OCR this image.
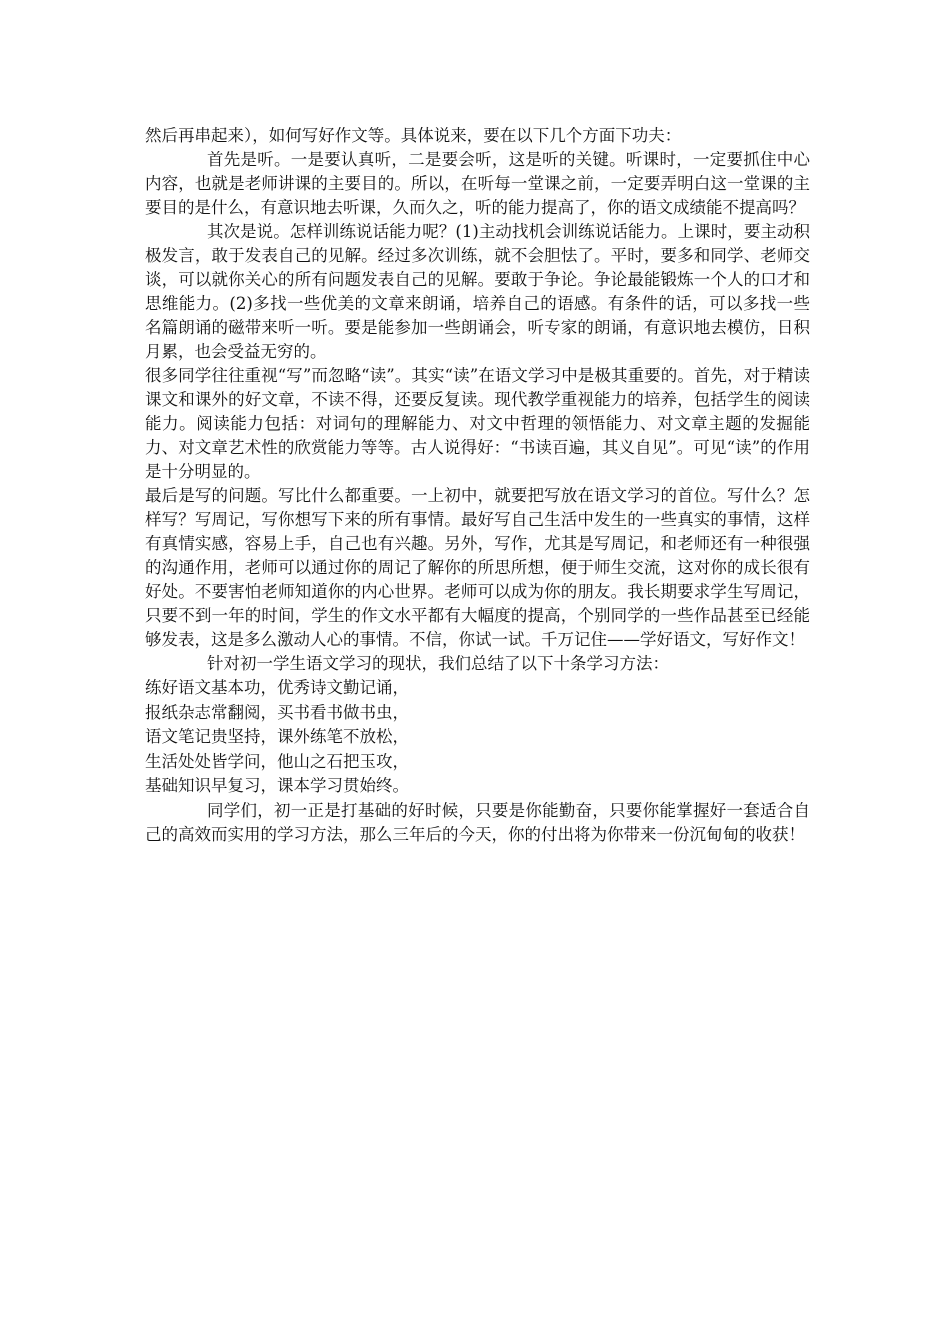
然后再串起来），如何写好作文等。具体说来，要在以下几个方面下功夫：

首先是听。一是要认真听，二是要会听，这是听的关键。听课时，一定要抓住中心内容，也就是老师讲课的主要目的。所以，在听每一堂课之前，一定要弄明白这一堂课的主要目的是什么，有意识地去听课，久而久之，听的能力提高了，你的语文成绩能不提高吗？

其次是说。怎样训练说话能力呢？(1)主动找机会训练说话能力。上课时，要主动积极发言，敢于发表自己的见解。经过多次训练，就不会胆怯了。平时，要多和同学、老师交谈，可以就你关心的所有问题发表自己的见解。要敢于争论。争论最能锻炼一个人的口才和思维能力。(2)多找一些优美的文章来朗诵，培养自己的语感。有条件的话，可以多找一些名篇朗诵的磁带来听一听。要是能参加一些朗诵会，听专家的朗诵，有意识地去模仿，日积月累，也会受益无穷的。

很多同学往往重视“写”而忽略“读”。其实“读”在语文学习中是极其重要的。首先，对于精读课文和课外的好文章，不读不得，还要反复读。现代教学重视能力的培养，包括学生的阅读能力。阅读能力包括：对词句的理解能力、对文中哲理的领悟能力、对文章主题的发掘能力、对文章艺术性的欣赏能力等等。古人说得好：“书读百遍，其义自见”。可见“读”的作用是十分明显的。

最后是写的问题。写比什么都重要。一上初中，就要把写放在语文学习的首位。写什么？怎样写？写周记，写你想写下来的所有事情。最好写自己生活中发生的一些真实的事情，这样有真情实感，容易上手，自己也有兴趣。另外，写作，尤其是写周记，和老师还有一种很强的沟通作用，老师可以通过你的周记了解你的所思所想，便于师生交流，这对你的成长很有好处。不要害怕老师知道你的内心世界。老师可以成为你的朋友。我长期要求学生写周记，只要不到一年的时间，学生的作文水平都有大幅度的提高，个别同学的一些作品甚至已经能够发表，这是多么激动人心的事情。不信，你试一试。千万记住——学好语文，写好作文！

针对初一学生语文学习的现状，我们总结了以下十条学习方法：

练好语文基本功，优秀诗文勤记诵，

报纸杂志常翻阅，买书看书做书虫，

语文笔记贵坚持，课外练笔不放松，

生活处处皆学问，他山之石把玉攻，

基础知识早复习，课本学习贯始终。

同学们，初一正是打基础的好时候，只要是你能勤奋，只要你能掌握好一套适合自己的高效而实用的学习方法，那么三年后的今天，你的付出将为你带来一份沉甸甸的收获！
